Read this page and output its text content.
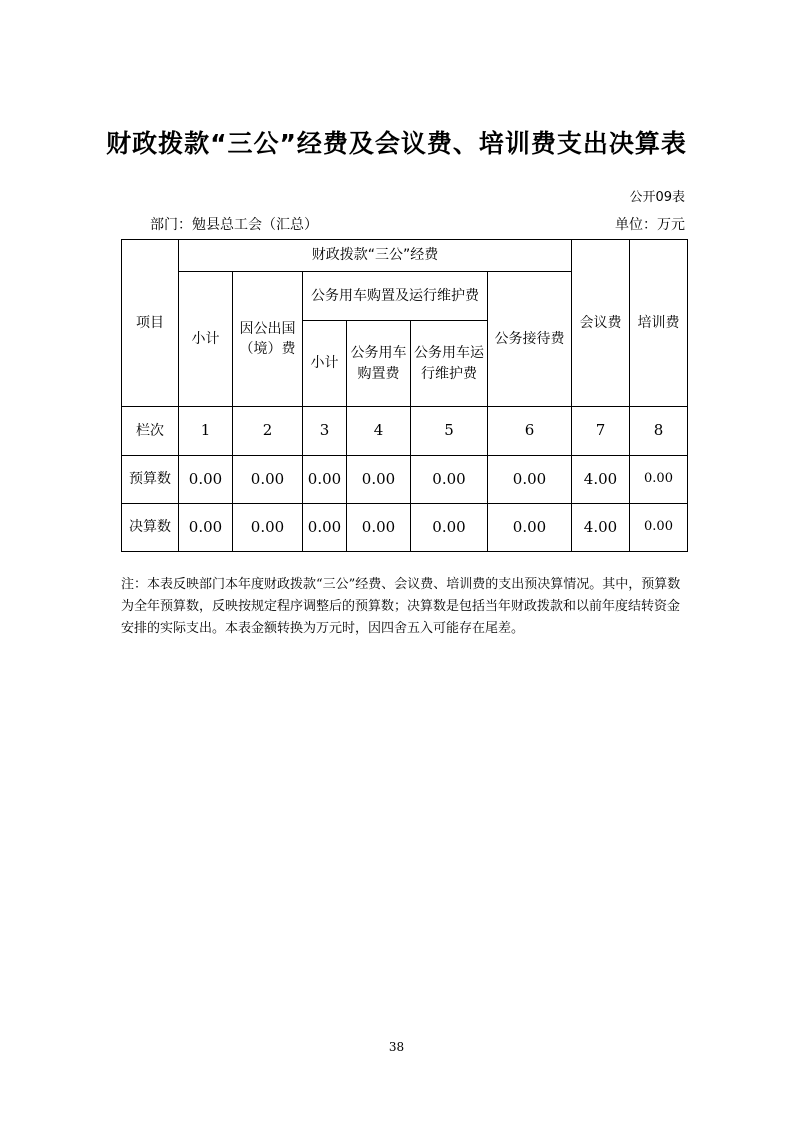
财政拨款“三公”经费及会议费、培训费支出决算表
公开09表
部门：勉县总工会（汇总）	单位：万元
项目	财政拨款“三公”经费						会议费	培训费
	小计	因公出国（境）费	公务用车购置及运行维护费			公务接待费		
			小计	公务用车购置费	公务用车运行维护费			
栏次	1	2	3	4	5	6	7	8
预算数	0.00	0.00	0.00	0.00	0.00	0.00	4.00	0.00
决算数	0.00	0.00	0.00	0.00	0.00	0.00	4.00	0.00
注：本表反映部门本年度财政拨款“三公”经费、会议费、培训费的支出预决算情况。其中，预算数为全年预算数，反映按规定程序调整后的预算数；决算数是包括当年财政拨款和以前年度结转资金安排的实际支出。本表金额转换为万元时，因四舍五入可能存在尾差。
38
